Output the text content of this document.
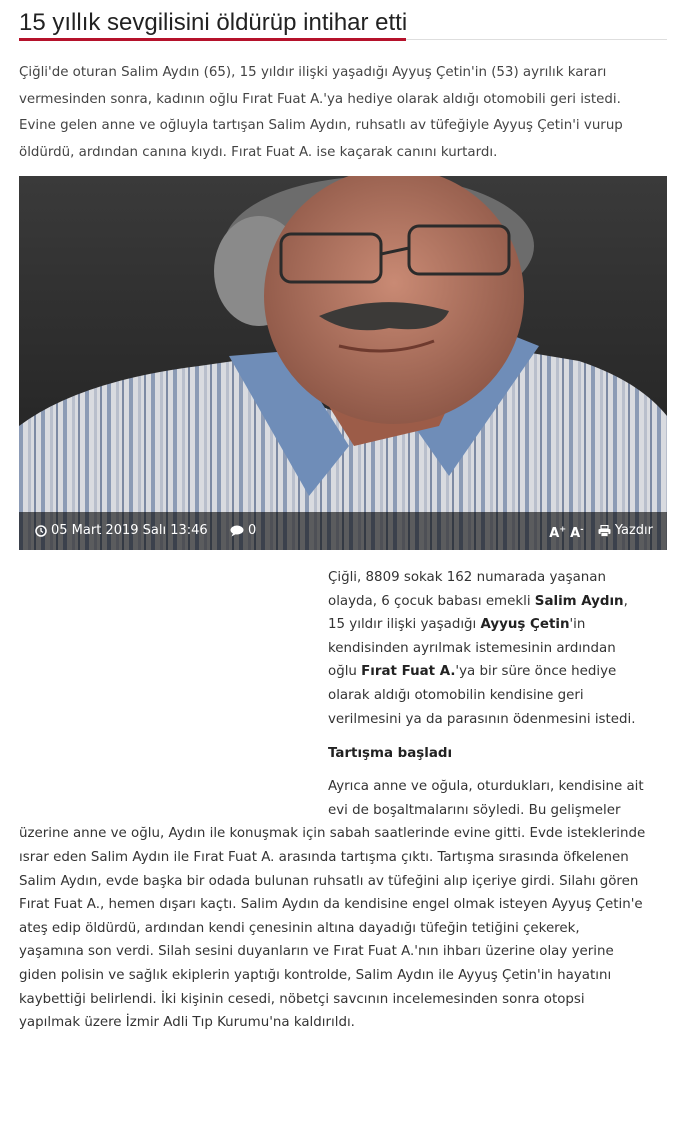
15 yıllık sevgilisini öldürüp intihar etti

Çiğli'de oturan Salim Aydın (65), 15 yıldır ilişki yaşadığı Ayyuş Çetin'in (53) ayrılık kararı
vermesinden sonra, kadının oğlu Fırat Fuat A.'ya hediye olarak aldığı otomobili geri istedi.
Evine gelen anne ve oğluyla tartışan Salim Aydın, ruhsatlı av tüfeğiyle Ayyuş Çetin'i vurup
öldürdü, ardından canına kıydı. Fırat Fuat A. ise kaçarak canını kurtardı.

05 Mart 2019 Salı 13:46
	0	A+ A- Yazdır

Çiğli, 8809 sokak 162 numarada yaşanan olayda, 6 çocuk babası emekli Salim Aydın, 15 yıldır ilişki yaşadığı Ayyuş Çetin'in kendisinden ayrılmak istemesinin ardından oğlu Fırat Fuat A.'ya bir süre önce hediye olarak aldığı otomobilin kendisine geri verilmesini ya da parasının ödenmesini istedi.

Tartışma başladı

Ayrıca anne ve oğula, oturdukları, kendisine ait evi de boşaltmalarını söyledi. Bu gelişmeler üzerine anne ve oğlu, Aydın ile konuşmak için sabah saatlerinde evine gitti. Evde isteklerinde ısrar eden Salim Aydın ile Fırat Fuat A. arasında tartışma çıktı. Tartışma sırasında öfkelenen Salim Aydın, evde başka bir odada bulunan ruhsatlı av tüfeğini alıp içeriye girdi. Silahı gören Fırat Fuat A., hemen dışarı kaçtı. Salim Aydın da kendisine engel olmak isteyen Ayyuş Çetin'e ateş edip öldürdü, ardından kendi çenesinin altına dayadığı tüfeğin tetiğini çekerek, yaşamına son verdi. Silah sesini duyanların ve Fırat Fuat A.'nın ihbarı üzerine olay yerine giden polisin ve sağlık ekiplerin yaptığı kontrolde, Salim Aydın ile Ayyuş Çetin'in hayatını kaybettiği belirlendi. İki kişinin cesedi, nöbetçi savcının incelemesinden sonra otopsi yapılmak üzere İzmir Adli Tıp Kurumu'na kaldırıldı.
